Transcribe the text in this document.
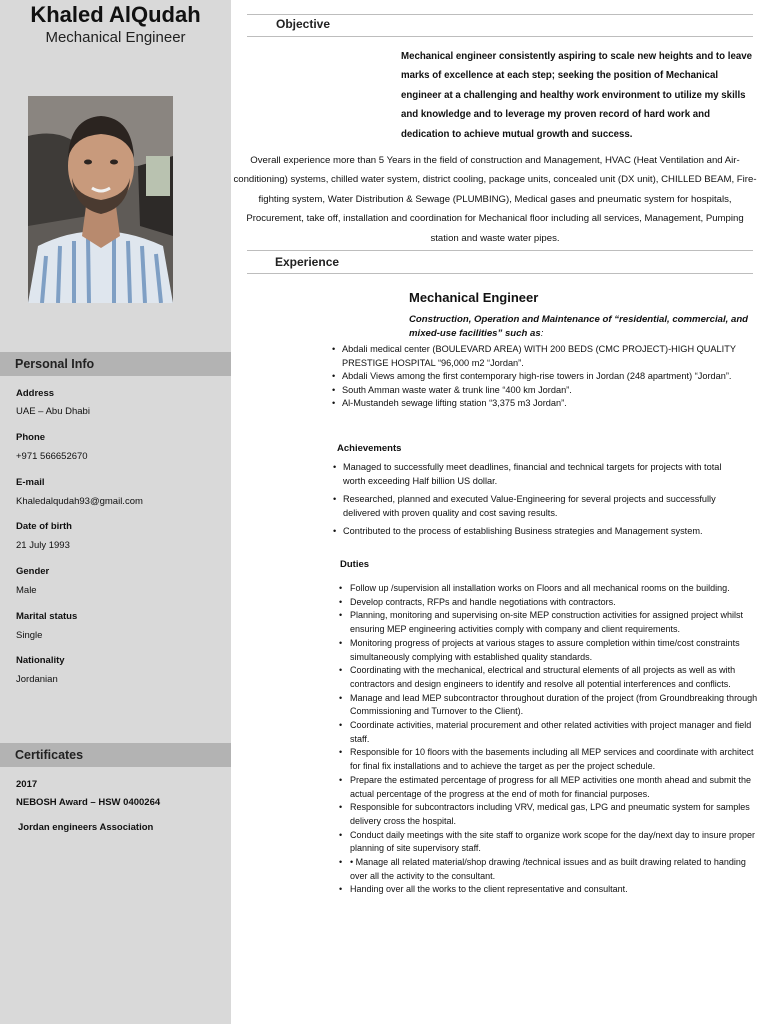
Khaled AlQudah
Mechanical Engineer
Personal Info
Address
UAE – Abu Dhabi
Phone
+971 566652670
E-mail
Khaledalqudah93@gmail.com
Date of birth
21 July 1993
Gender
Male
Marital status
Single
Nationality
Jordanian
Certificates
2017
NEBOSH Award – HSW 0400264
Jordan engineers Association
Objective
Mechanical engineer consistently aspiring to scale new heights and to leave marks of excellence at each step; seeking the position of Mechanical engineer at a challenging and healthy work environment to utilize my skills and knowledge and to leverage my proven record of hard work and dedication to achieve mutual growth and success.
Overall experience more than 5 Years in the field of construction and Management, HVAC (Heat Ventilation and Air-conditioning) systems, chilled water system, district cooling, package units, concealed unit (DX unit), CHILLED BEAM, Fire-fighting system, Water Distribution & Sewage (PLUMBING), Medical gases and pneumatic system for hospitals, Procurement, take off, installation and coordination for Mechanical floor including all services, Management, Pumping station and waste water pipes.
Experience
Mechanical Engineer
Construction, Operation and Maintenance of “residential, commercial, and mixed-use facilities” such as:
• Abdali medical center (BOULEVARD AREA) WITH 200 BEDS (CMC PROJECT)-HIGH QUALITY PRESTIGE HOSPITAL “96,000 m2 “Jordan”.
• Abdali Views among the first contemporary high-rise towers in Jordan (248 apartment) “Jordan”.
• South Amman waste water & trunk line “400 km Jordan”.
• Al-Mustandeh sewage lifting station “3,375 m3 Jordan”.
Achievements
• Managed to successfully meet deadlines, financial and technical targets for projects with total worth exceeding Half billion US dollar.
• Researched, planned and executed Value-Engineering for several projects and successfully delivered with proven quality and cost saving results.
• Contributed to the process of establishing Business strategies and Management system.
Duties
• Follow up /supervision all installation works on Floors and all mechanical rooms on the building.
• Develop contracts, RFPs and handle negotiations with contractors.
• Planning, monitoring and supervising on-site MEP construction activities for assigned project whilst ensuring MEP engineering activities comply with company and client requirements.
• Monitoring progress of projects at various stages to assure completion within time/cost constraints simultaneously complying with established quality standards.
• Coordinating with the mechanical, electrical and structural elements of all projects as well as with contractors and design engineers to identify and resolve all potential interferences and conflicts.
• Manage and lead MEP subcontractor throughout duration of the project (from Groundbreaking through Commissioning and Turnover to the Client).
• Coordinate activities, material procurement and other related activities with project manager and field staff.
• Responsible for 10 floors with the basements including all MEP services and coordinate with architect for final fix installations and to achieve the target as per the project schedule.
• Prepare the estimated percentage of progress for all MEP activities one month ahead and submit the actual percentage of the progress at the end of moth for financial purposes.
• Responsible for subcontractors including VRV, medical gas, LPG and pneumatic system for samples delivery cross the hospital.
• Conduct daily meetings with the site staff to organize work scope for the day/next day to insure proper planning of site supervisory staff.
• • Manage all related material/shop drawing /technical issues and as built drawing related to handing over all the activity to the consultant.
• Handing over all the works to the client representative and consultant.
